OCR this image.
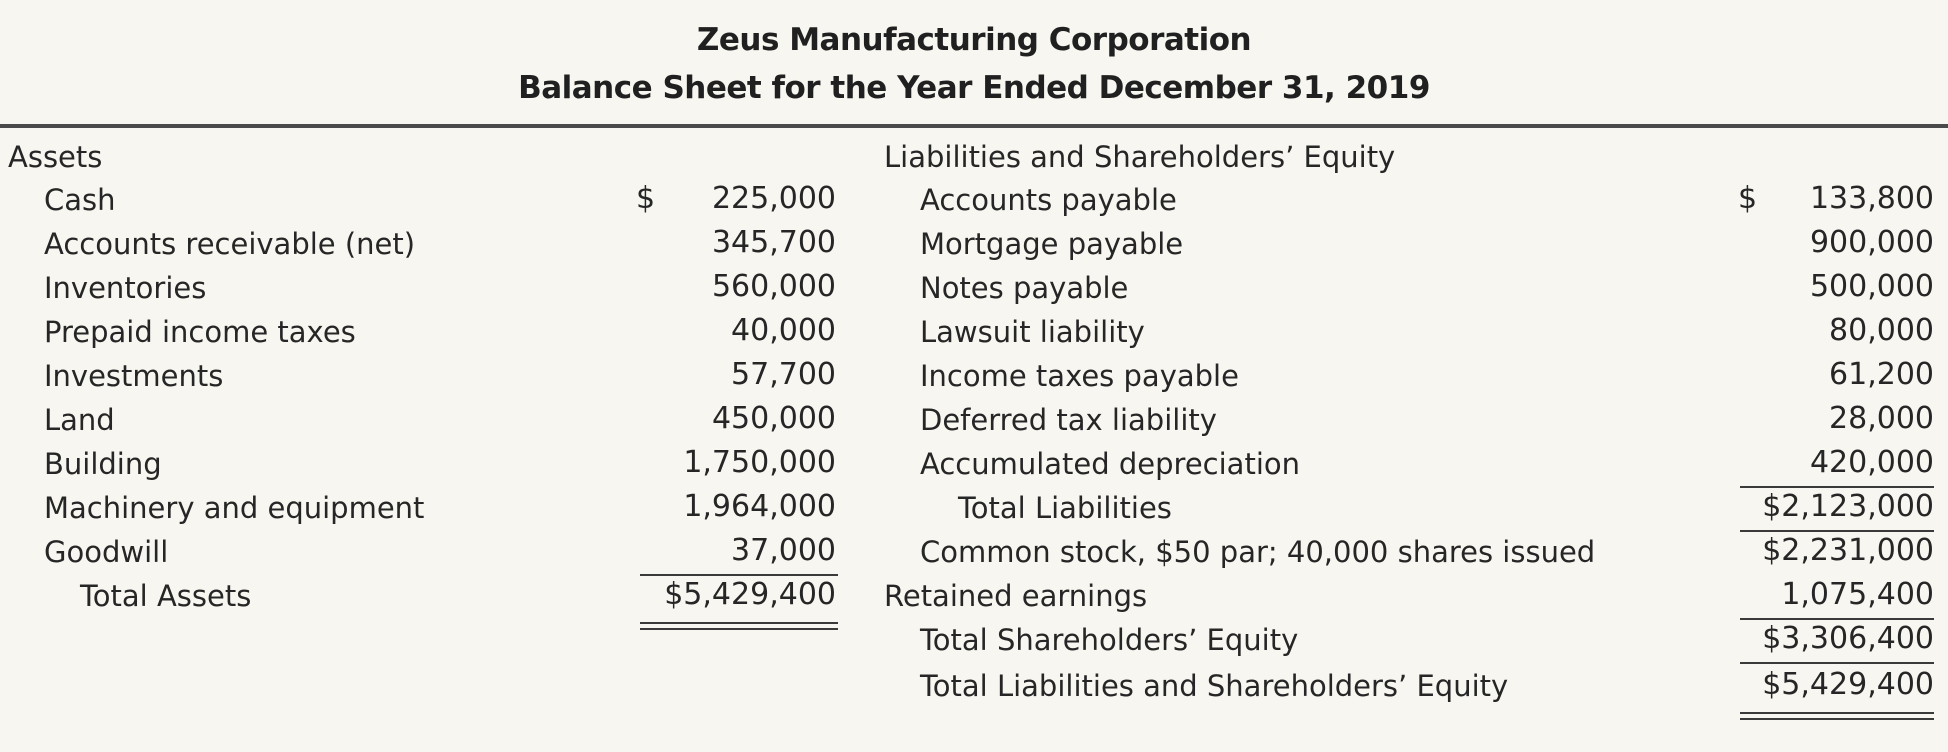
Zeus Manufacturing Corporation
Balance Sheet for the Year Ended December 31, 2019
Assets
$
Cash	225,000
Accounts receivable (net)	345,700
Inventories	560,000
Prepaid income taxes	40,000
Investments	57,700
Land	450,000
Building	1,750,000
Machinery and equipment	1,964,000
Goodwill	37,000
Total Assets	$5,429,400
Liabilities and Shareholders’ Equity
$
Accounts payable	133,800
Mortgage payable	900,000
Notes payable	500,000
Lawsuit liability	80,000
Income taxes payable	61,200
Deferred tax liability	28,000
Accumulated depreciation	420,000
Total Liabilities	$2,123,000
Common stock, $50 par; 40,000 shares issued	$2,231,000
Retained earnings	1,075,400
Total Shareholders’ Equity	$3,306,400
Total Liabilities and Shareholders’ Equity	$5,429,400
